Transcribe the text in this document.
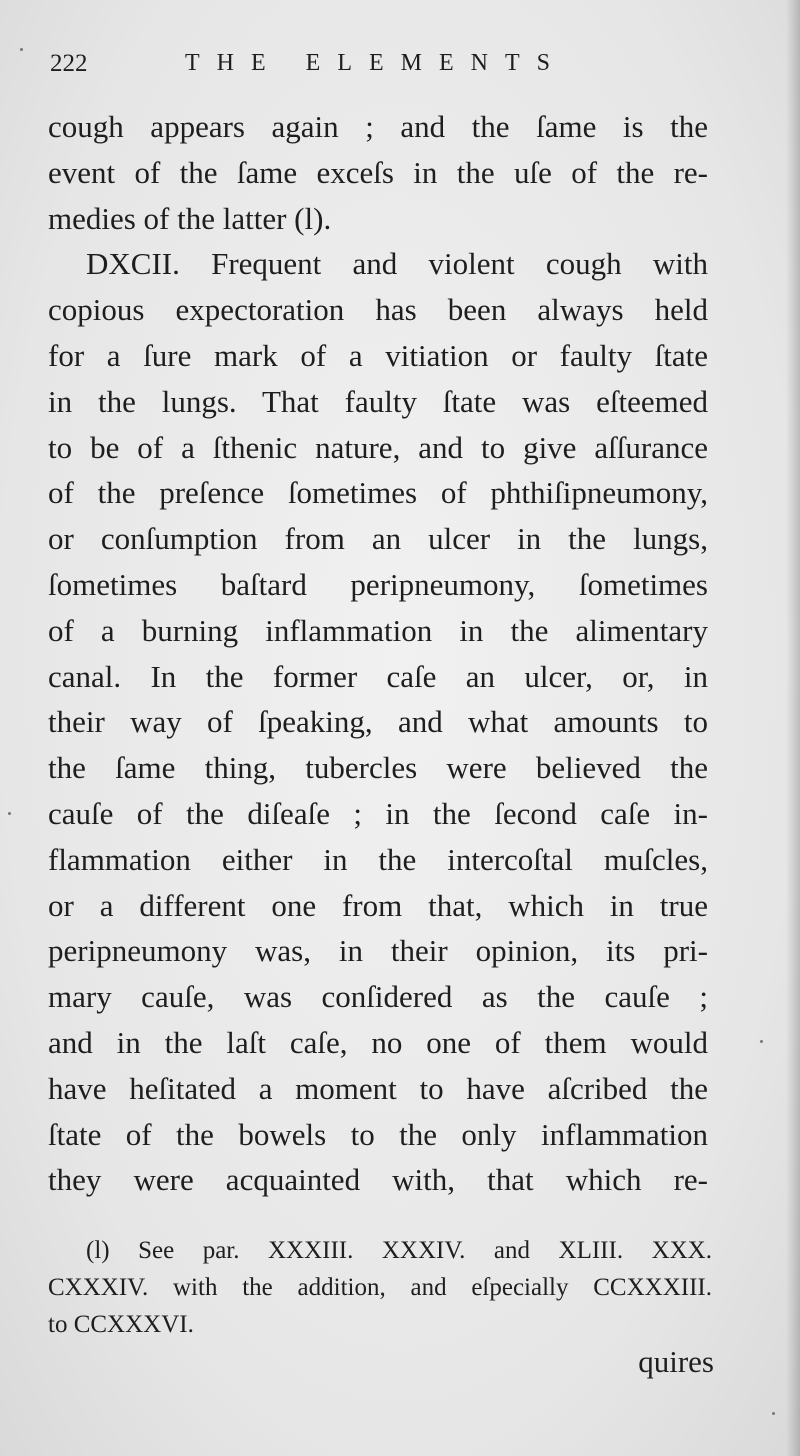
222	THE ELEMENTS
cough appears again ; and the ſame is the
event of the ſame exceſs in the uſe of the re-
medies of the latter (l).
DXCII. Frequent and violent cough with
copious expectoration has been always held
for a ſure mark of a vitiation or faulty ſtate
in the lungs. That faulty ſtate was eſteemed
to be of a ſthenic nature, and to give aſſurance
of the preſence ſometimes of phthiſipneumony,
or conſumption from an ulcer in the lungs,
ſometimes baſtard peripneumony, ſometimes
of a burning inflammation in the alimentary
canal. In the former caſe an ulcer, or, in
their way of ſpeaking, and what amounts to
the ſame thing, tubercles were believed the
cauſe of the diſeaſe ; in the ſecond caſe in-
flammation either in the intercoſtal muſcles,
or a different one from that, which in true
peripneumony was, in their opinion, its pri-
mary cauſe, was conſidered as the cauſe ;
and in the laſt caſe, no one of them would
have heſitated a moment to have aſcribed the
ſtate of the bowels to the only inflammation
they were acquainted with, that which re-
(l) See par. XXXIII. XXXIV. and XLIII. XXX.
CXXXIV. with the addition, and eſpecially CCXXXIII.
to CCXXXVI.
quires
